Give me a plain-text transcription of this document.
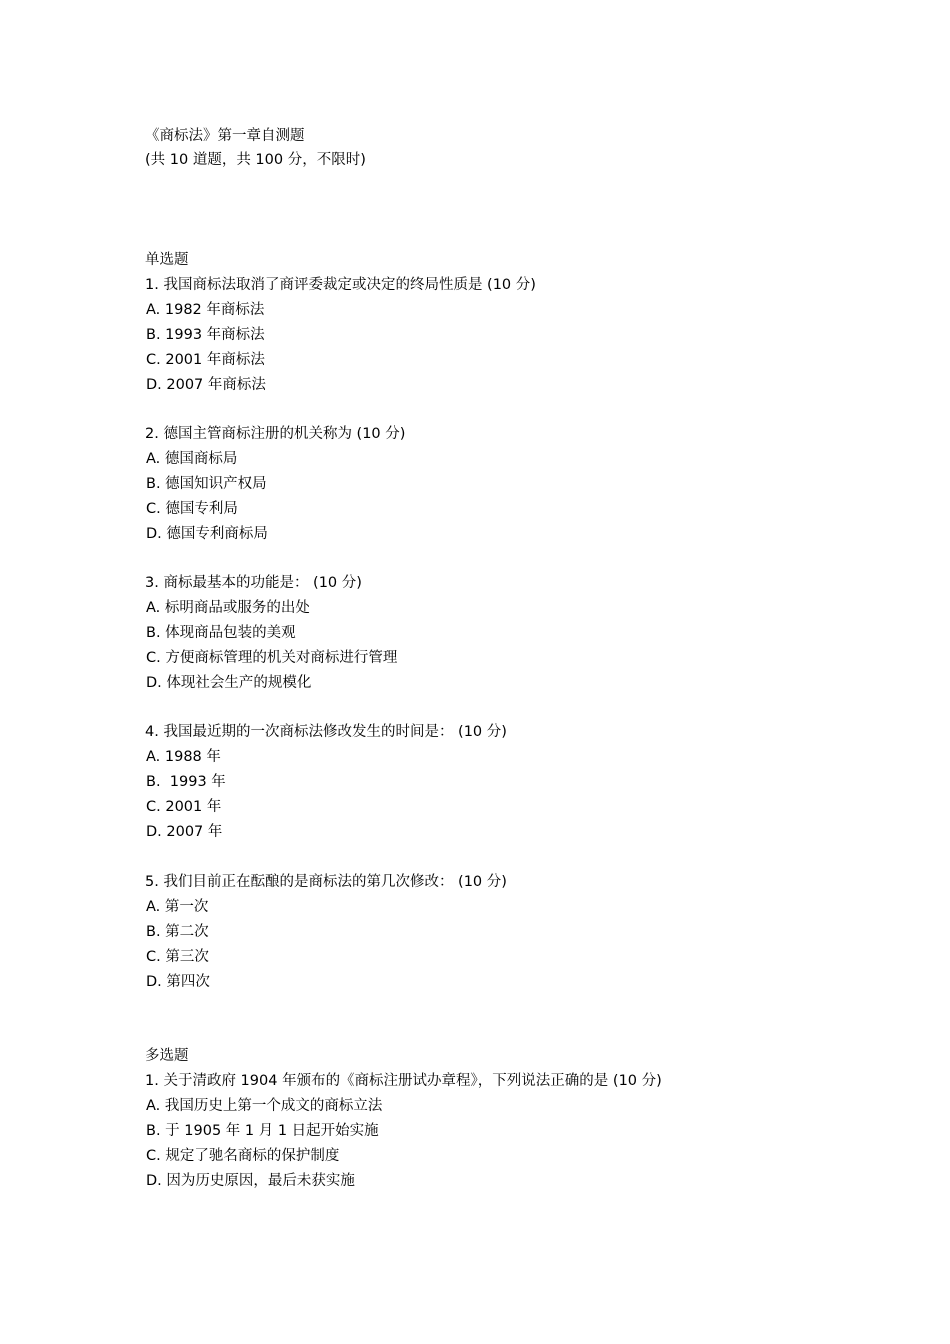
《商标法》第一章自测题
(共 10 道题，共 100 分，不限时)
单选题
1. 我国商标法取消了商评委裁定或决定的终局性质是 (10 分)
A. 1982 年商标法
B. 1993 年商标法
C. 2001 年商标法
D. 2007 年商标法
2. 德国主管商标注册的机关称为 (10 分)
A. 德国商标局
B. 德国知识产权局
C. 德国专利局
D. 德国专利商标局
3. 商标最基本的功能是： (10 分)
A. 标明商品或服务的出处
B. 体现商品包装的美观
C. 方便商标管理的机关对商标进行管理
D. 体现社会生产的规模化
4. 我国最近期的一次商标法修改发生的时间是： (10 分)
A. 1988 年
B.  1993 年
C. 2001 年
D. 2007 年
5. 我们目前正在酝酿的是商标法的第几次修改： (10 分)
A. 第一次
B. 第二次
C. 第三次
D. 第四次
多选题
1. 关于清政府 1904 年颁布的《商标注册试办章程》，下列说法正确的是 (10 分)
A. 我国历史上第一个成文的商标立法
B. 于 1905 年 1 月 1 日起开始实施
C. 规定了驰名商标的保护制度
D. 因为历史原因，最后未获实施
